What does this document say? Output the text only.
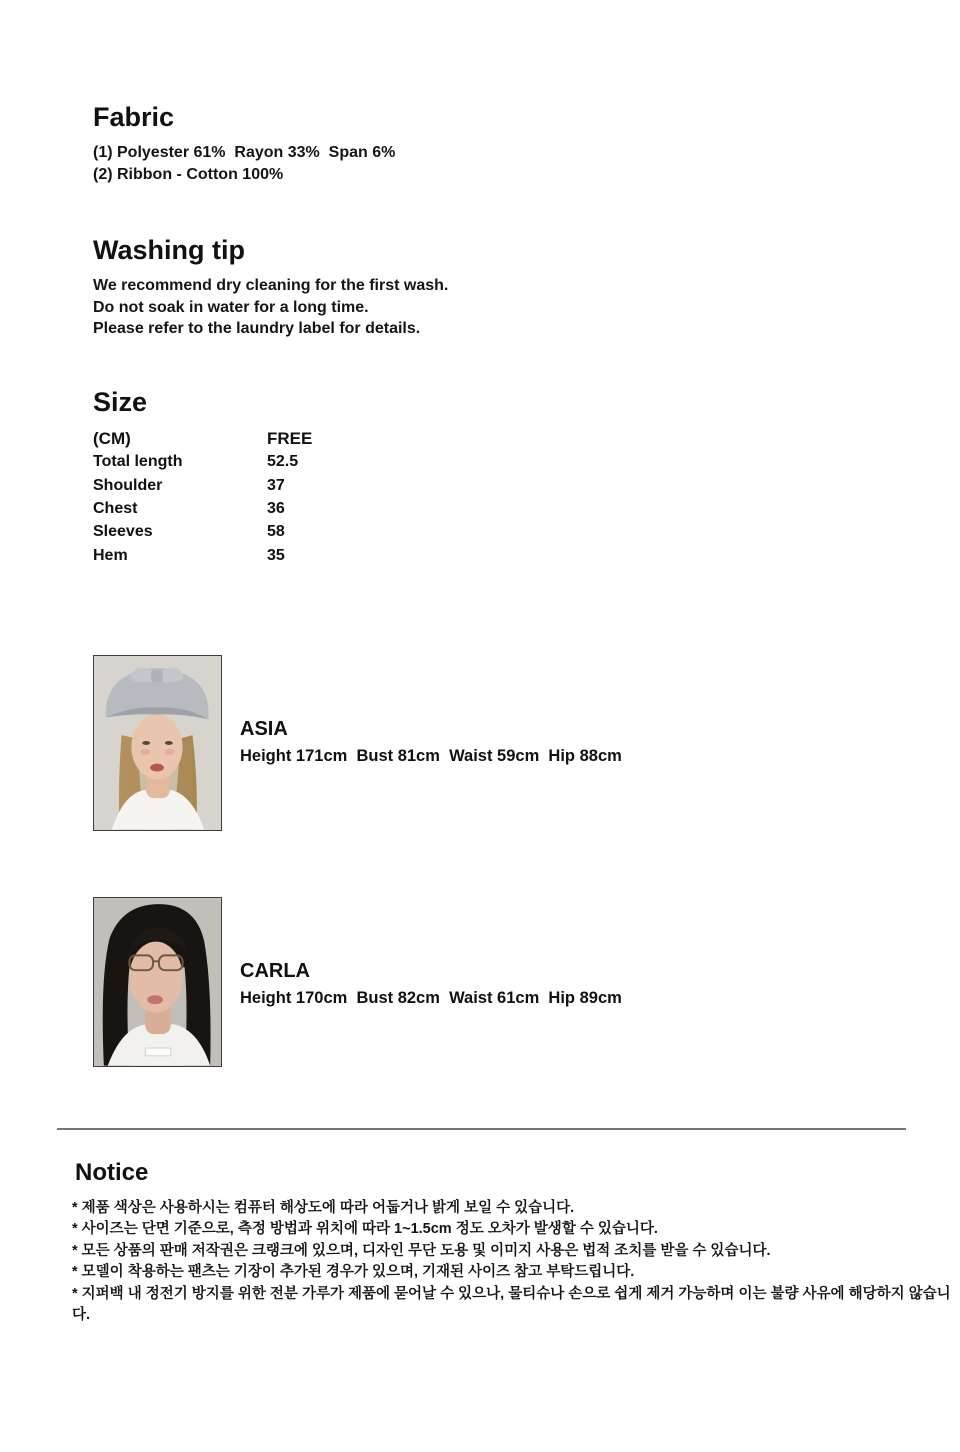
Fabric

(1) Polyester 61%  Rayon 33%  Span 6%

(2) Ribbon - Cotton 100%

Washing tip

We recommend dry cleaning for the first wash.

Do not soak in water for a long time.

Please refer to the laundry label for details.

Size
(CM)	FREE
Total length	52.5
Shoulder	37
Chest	36
Sleeves	58
Hem	35
ASIA
Height 171cm  Bust 81cm  Waist 59cm  Hip 88cm
CARLA
Height 170cm  Bust 82cm  Waist 61cm  Hip 89cm
Notice

* 제품 색상은 사용하시는 컴퓨터 해상도에 따라 어둡거나 밝게 보일 수 있습니다.

* 사이즈는 단면 기준으로, 측정 방법과 위치에 따라 1~1.5cm 정도 오차가 발생할 수 있습니다.

* 모든 상품의 판매 저작권은 크랭크에 있으며, 디자인 무단 도용 및 이미지 사용은 법적 조치를 받을 수 있습니다.

* 모델이 착용하는 팬츠는 기장이 추가된 경우가 있으며, 기재된 사이즈 참고 부탁드립니다.

* 지퍼백 내 정전기 방지를 위한 전분 가루가 제품에 묻어날 수 있으나, 물티슈나 손으로 쉽게 제거 가능하며 이는 불량 사유에 해당하지 않습니다.
